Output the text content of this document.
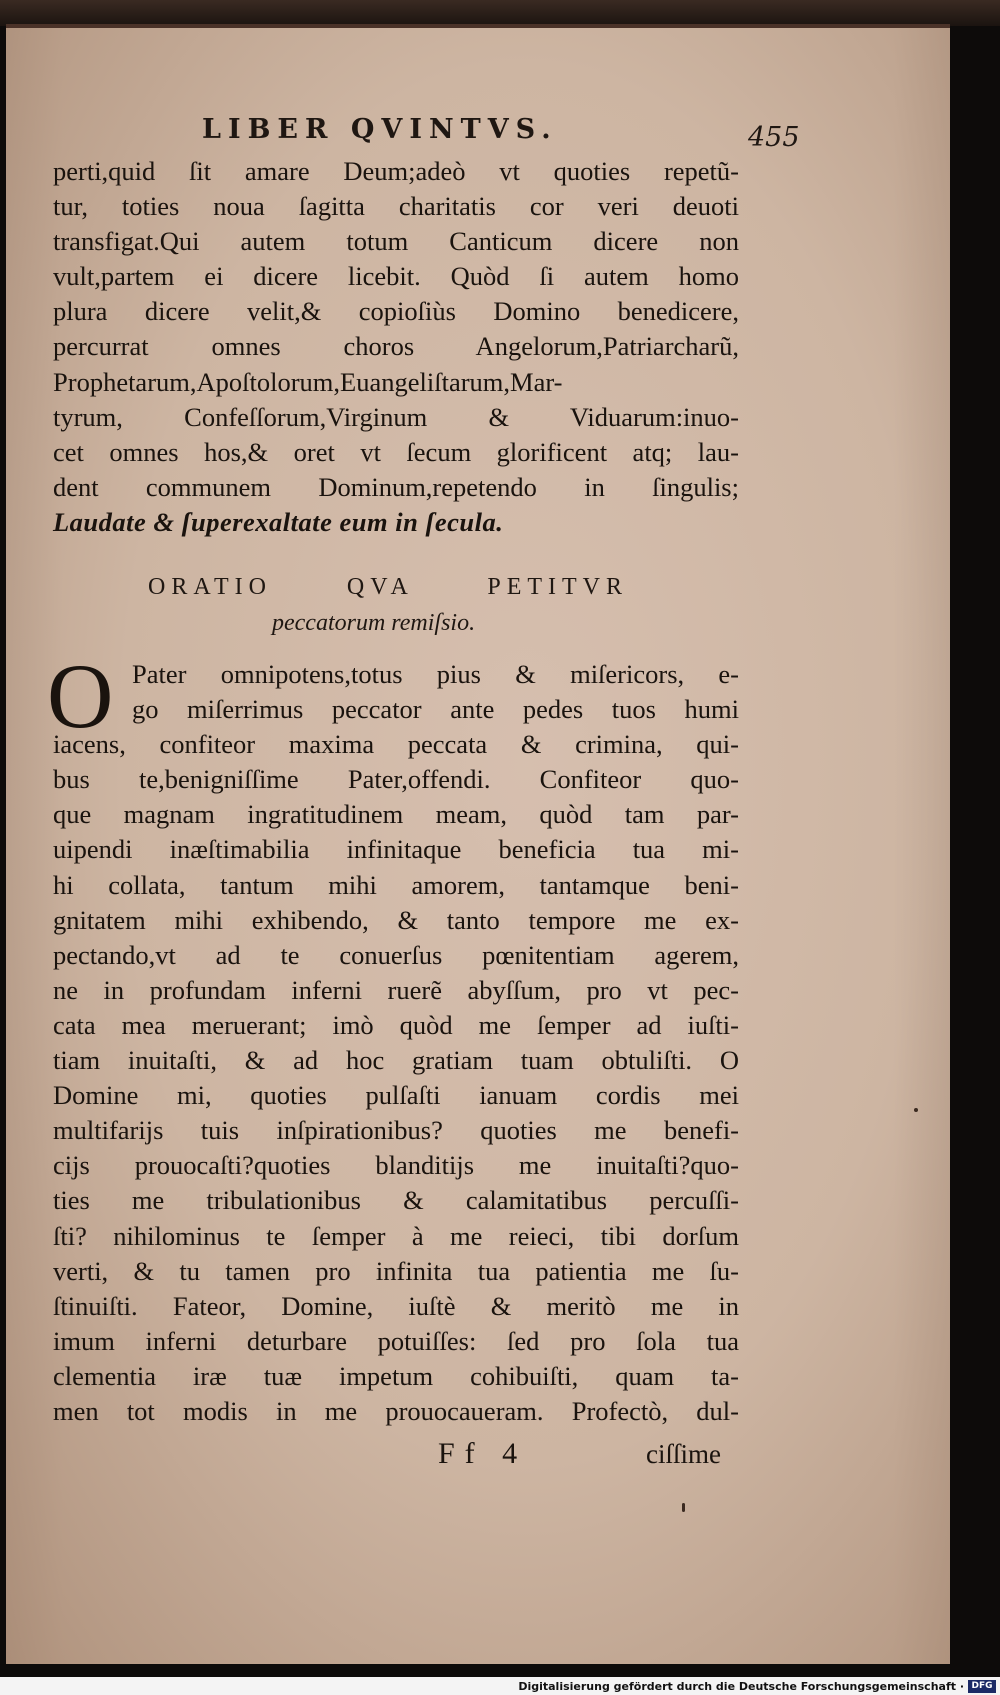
LIBER QVINTVS.	455
perti,quid ſit amare Deum;adeò vt quoties repetũ-
tur, toties noua ſagitta charitatis cor veri deuoti
transfigat.Qui autem totum Canticum dicere non
vult,partem ei dicere licebit. Quòd ſi autem homo
plura dicere velit,& copioſiùs Domino benedicere,
percurrat omnes choros Angelorum,Patriarcharũ,
Prophetarum,Apoſtolorum,Euangeliſtarum,Mar-
tyrum, Confeſſorum,Virginum & Viduarum:inuo-
cet omnes hos,& oret vt ſecum glorificent atq; lau-
dent communem Dominum,repetendo in ſingulis;
Laudate & ſuperexaltate eum in ſecula.
ORATIO QVA PETITVR
peccatorum remiſsio.
O Pater omnipotens,totus pius & miſericors, e-
go miſerrimus peccator ante pedes tuos humi
iacens, confiteor maxima peccata & crimina, qui-
bus te,benigniſſime Pater,offendi. Confiteor quo-
que magnam ingratitudinem meam, quòd tam par-
uipendi inæſtimabilia infinitaque beneficia tua mi-
hi collata, tantum mihi amorem, tantamque beni-
gnitatem mihi exhibendo, & tanto tempore me ex-
pectando,vt ad te conuerſus pœnitentiam agerem,
ne in profundam inferni ruerẽ abyſſum, pro vt pec-
cata mea meruerant; imò quòd me ſemper ad iuſti-
tiam inuitaſti, & ad hoc gratiam tuam obtuliſti. O
Domine mi, quoties pulſaſti ianuam cordis mei
multifarijs tuis inſpirationibus? quoties me benefi-
cijs prouocaſti?quoties blanditijs me inuitaſti?quo-
ties me tribulationibus & calamitatibus percuſſi-
ſti? nihilominus te ſemper à me reieci, tibi dorſum
verti, & tu tamen pro infinita tua patientia me ſu-
ſtinuiſti. Fateor, Domine, iuſtè & meritò me in
imum inferni deturbare potuiſſes: ſed pro ſola tua
clementia iræ tuæ impetum cohibuiſti, quam ta-
men tot modis in me prouocaueram. Profectò, dul-
Ff 4	ciſſime
Digitalisierung gefördert durch die Deutsche Forschungsgemeinschaft · DFG
